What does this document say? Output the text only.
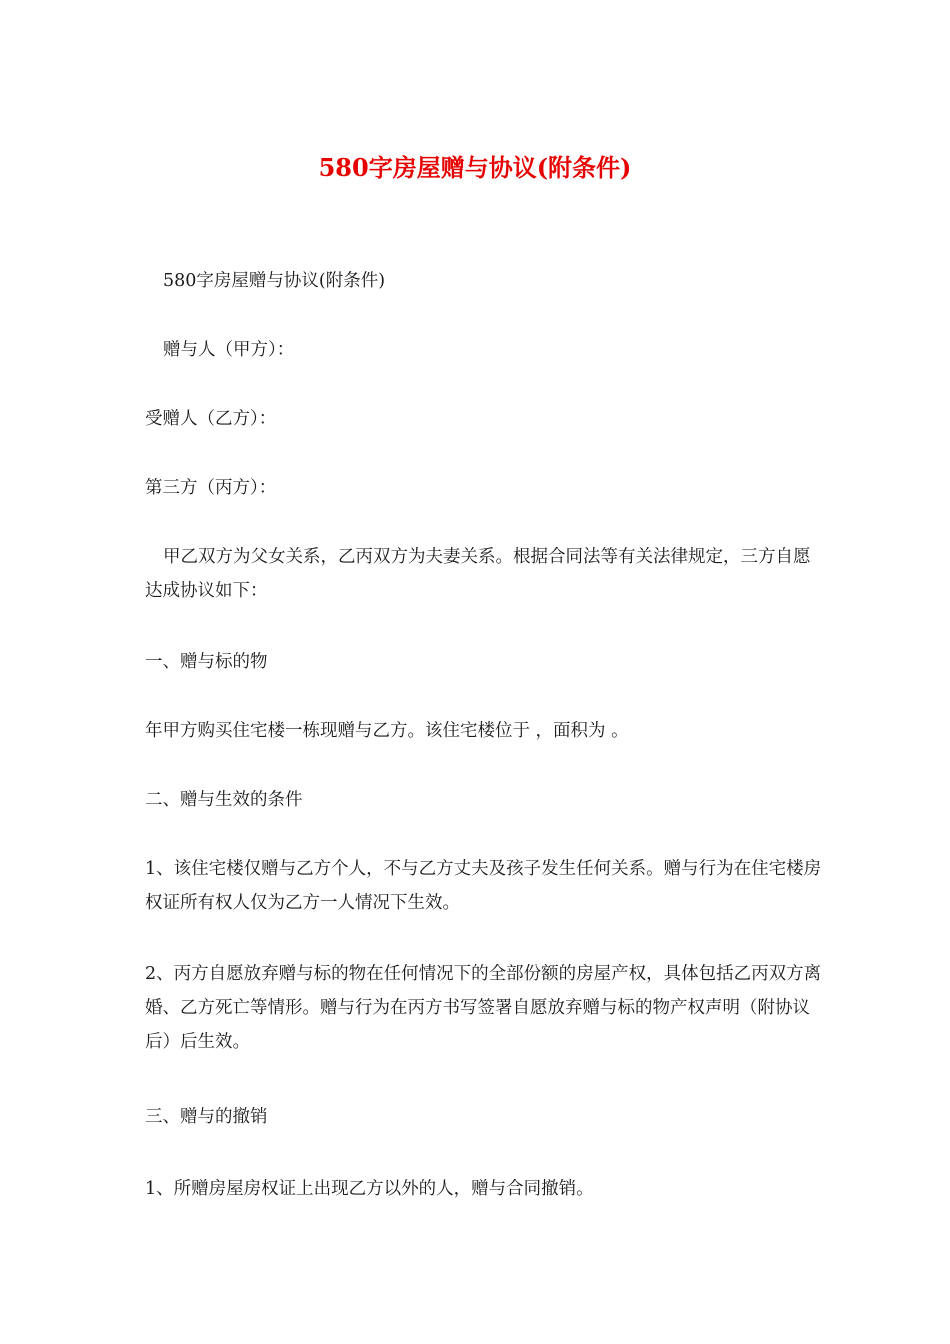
580字房屋赠与协议(附条件)
580字房屋赠与协议(附条件)
赠与人（甲方）：
受赠人（乙方）：
第三方（丙方）：
甲乙双方为父女关系，乙丙双方为夫妻关系。根据合同法等有关法律规定，三方自愿达成协议如下：
一、赠与标的物
年甲方购买住宅楼一栋现赠与乙方。该住宅楼位于 ，面积为 。
二、赠与生效的条件
1、该住宅楼仅赠与乙方个人，不与乙方丈夫及孩子发生任何关系。赠与行为在住宅楼房权证所有权人仅为乙方一人情况下生效。
2、丙方自愿放弃赠与标的物在任何情况下的全部份额的房屋产权，具体包括乙丙双方离婚、乙方死亡等情形。赠与行为在丙方书写签署自愿放弃赠与标的物产权声明（附协议后）后生效。
三、赠与的撤销
1、所赠房屋房权证上出现乙方以外的人，赠与合同撤销。
